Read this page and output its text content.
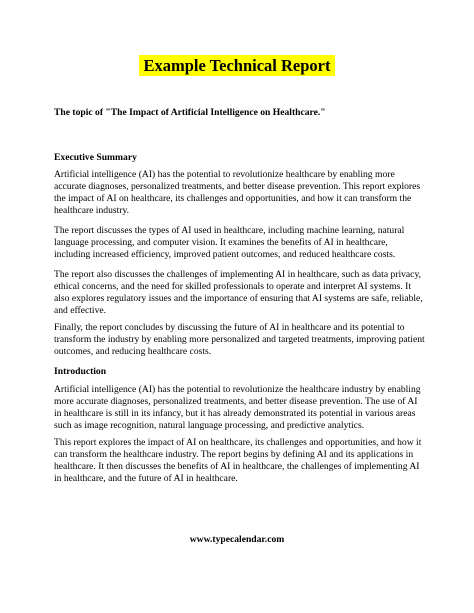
Example Technical Report
The topic of "The Impact of Artificial Intelligence on Healthcare."
Executive Summary
Artificial intelligence (AI) has the potential to revolutionize healthcare by enabling more accurate diagnoses, personalized treatments, and better disease prevention. This report explores the impact of AI on healthcare, its challenges and opportunities, and how it can transform the healthcare industry.
The report discusses the types of AI used in healthcare, including machine learning, natural language processing, and computer vision. It examines the benefits of AI in healthcare, including increased efficiency, improved patient outcomes, and reduced healthcare costs.
The report also discusses the challenges of implementing AI in healthcare, such as data privacy, ethical concerns, and the need for skilled professionals to operate and interpret AI systems. It also explores regulatory issues and the importance of ensuring that AI systems are safe, reliable, and effective.
Finally, the report concludes by discussing the future of AI in healthcare and its potential to transform the industry by enabling more personalized and targeted treatments, improving patient outcomes, and reducing healthcare costs.
Introduction
Artificial intelligence (AI) has the potential to revolutionize the healthcare industry by enabling more accurate diagnoses, personalized treatments, and better disease prevention. The use of AI in healthcare is still in its infancy, but it has already demonstrated its potential in various areas such as image recognition, natural language processing, and predictive analytics.
This report explores the impact of AI on healthcare, its challenges and opportunities, and how it can transform the healthcare industry. The report begins by defining AI and its applications in healthcare. It then discusses the benefits of AI in healthcare, the challenges of implementing AI in healthcare, and the future of AI in healthcare.
www.typecalendar.com
